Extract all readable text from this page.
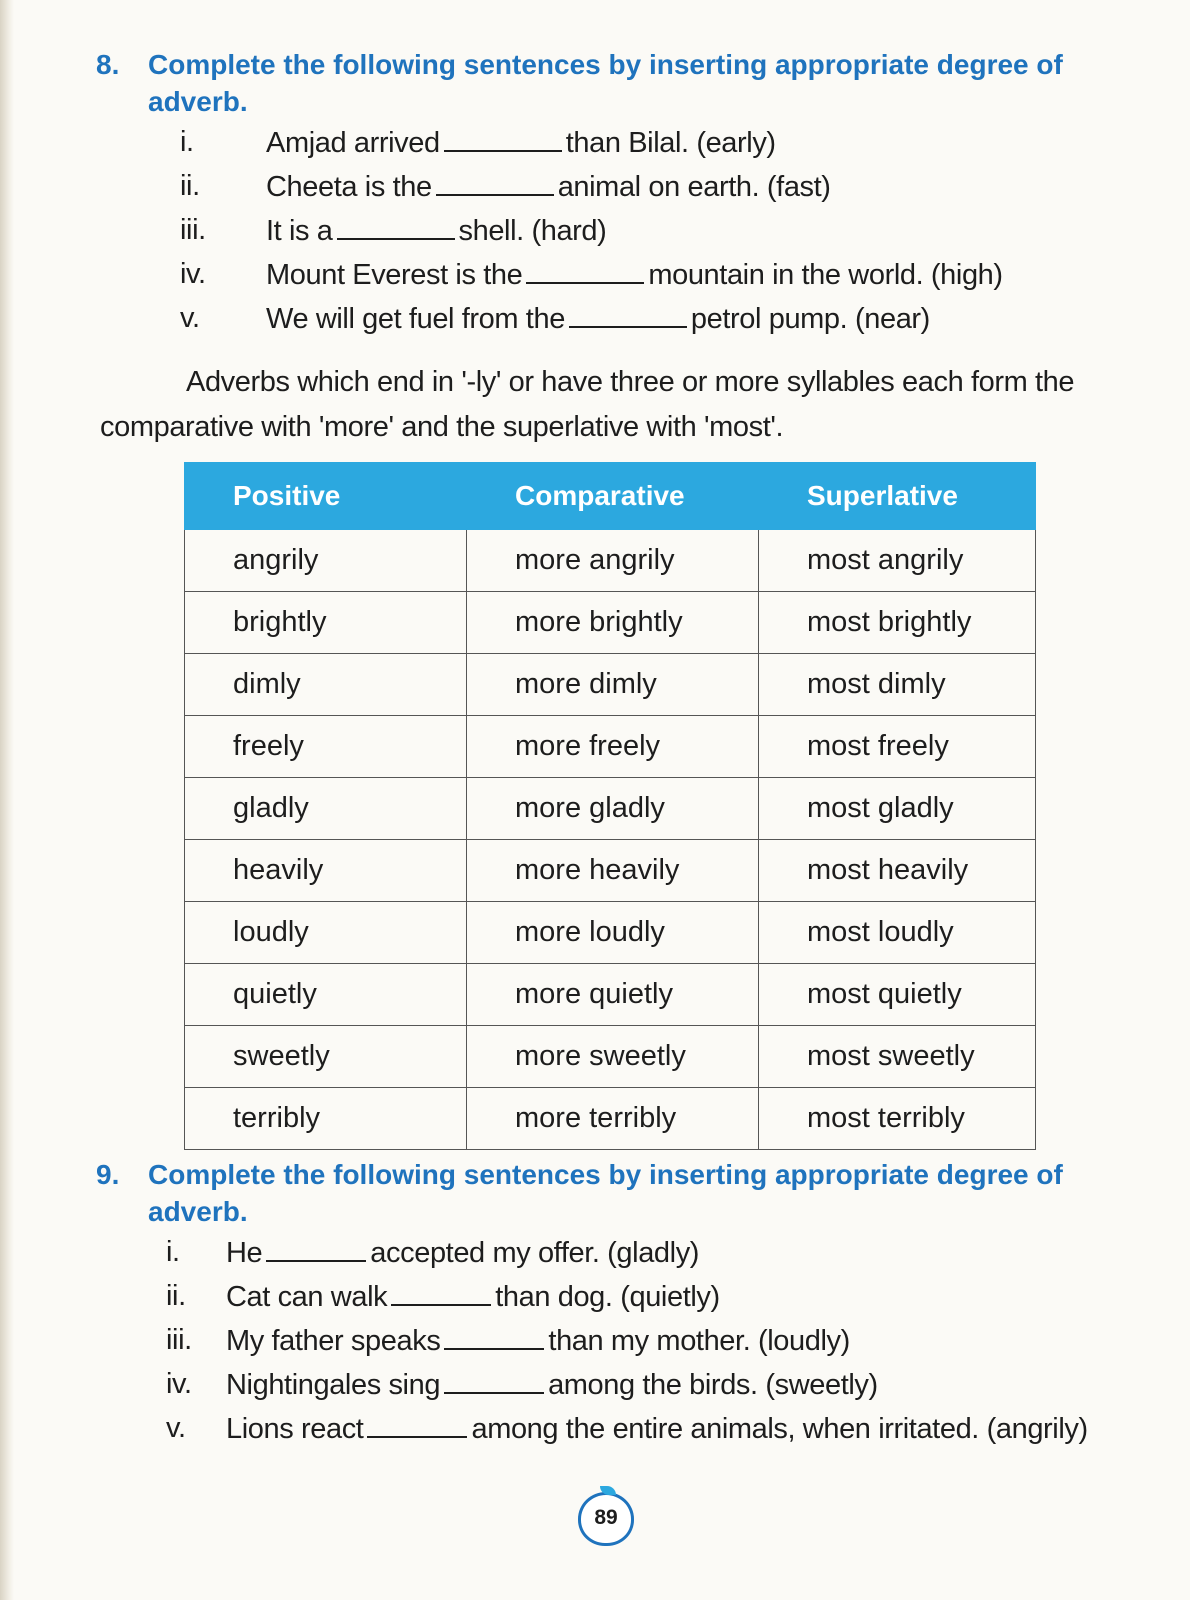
8.	Complete the following sentences by inserting appropriate degree of adverb.
i. Amjad arrived	than Bilal. (early)
ii. Cheeta is the	animal on earth. (fast)
iii. It is a	shell. (hard)
iv. Mount Everest is the	mountain in the world. (high)
v. We will get fuel from the	petrol pump. (near)

Adverbs which end in '-ly' or have three or more syllables each form the

comparative with 'more' and the superlative with 'most'.

Positive	Comparative	Superlative
angrily	more angrily	most angrily
brightly	more brightly	most brightly
dimly	more dimly	most dimly
freely	more freely	most freely
gladly	more gladly	most gladly
heavily	more heavily	most heavily
loudly	more loudly	most loudly
quietly	more quietly	most quietly
sweetly	more sweetly	most sweetly
terribly	more terribly	most terribly
9.	Complete the following sentences by inserting appropriate degree of adverb.
i. He	accepted my offer. (gladly)
ii. Cat can walk	than dog. (quietly)
iii. My father speaks	than my mother. (loudly)
iv. Nightingales sing	among the birds. (sweetly)
v. Lions react	among the entire animals, when irritated. (angrily)
89
